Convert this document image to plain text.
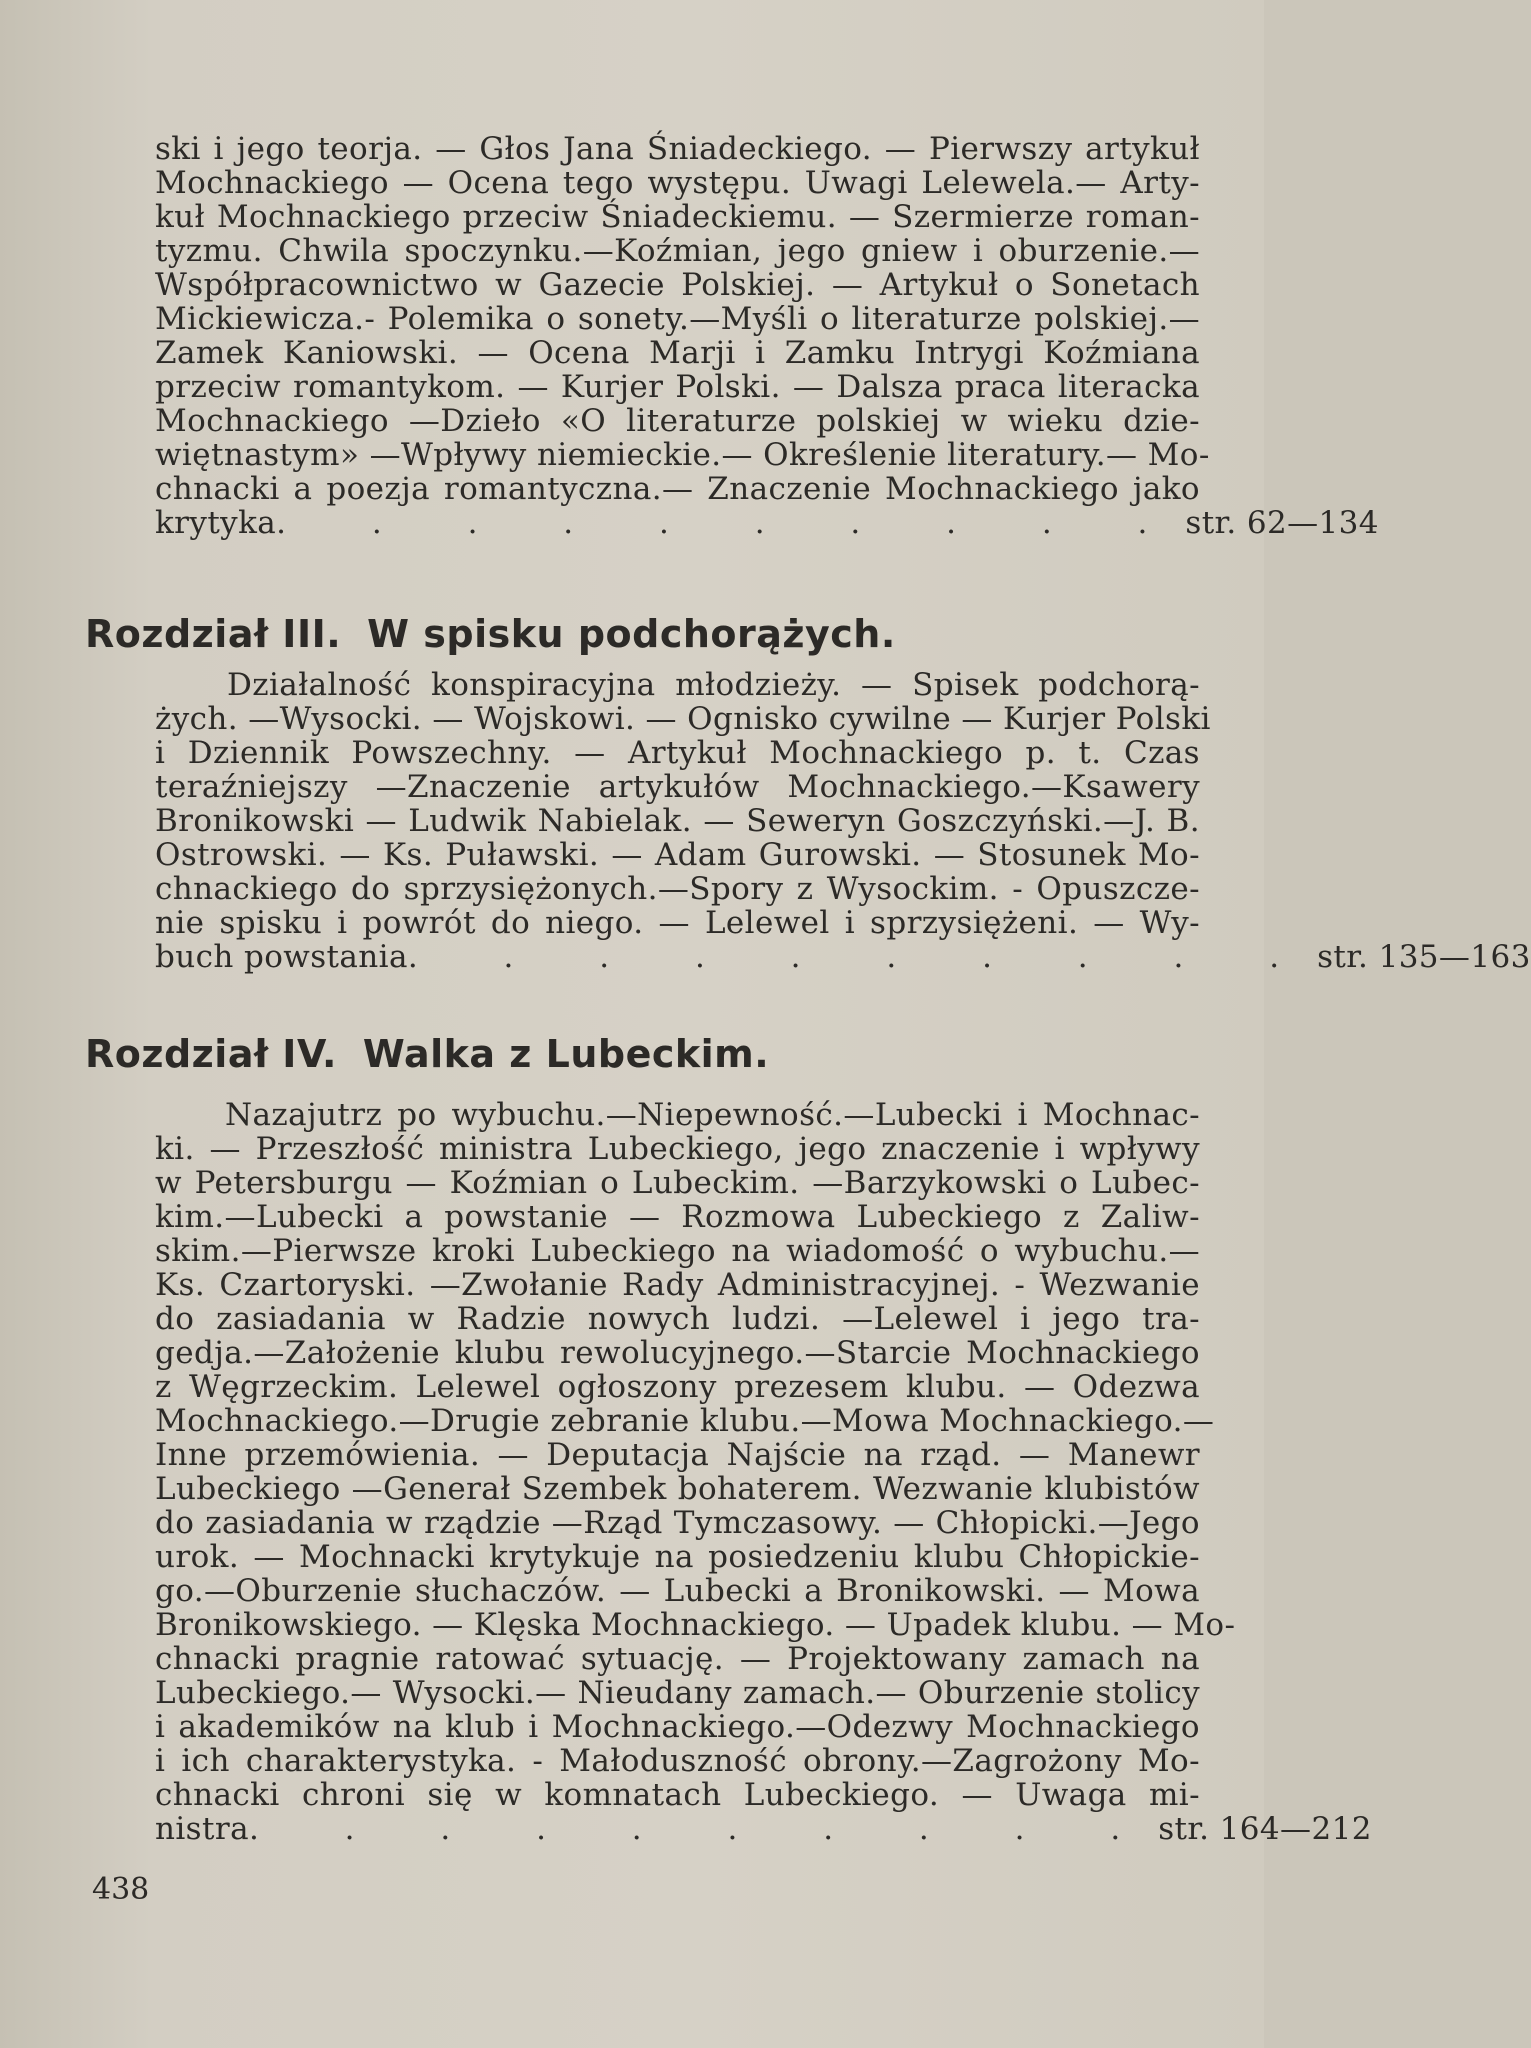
ski i jego teorja. — Głos Jana Śniadeckiego. — Pierwszy artykuł
Mochnackiego — Ocena tego występu. Uwagi Lelewela.— Arty-
kuł Mochnackiego przeciw Śniadeckiemu. — Szermierze roman-
tyzmu. Chwila spoczynku.—Koźmian, jego gniew i oburzenie.—
Współpracownictwo w Gazecie Polskiej. — Artykuł o Sonetach
Mickiewicza.- Polemika o sonety.—Myśli o literaturze polskiej.—
Zamek Kaniowski. — Ocena Marji i Zamku Intrygi Koźmiana
przeciw romantykom. — Kurjer Polski. — Dalsza praca literacka
Mochnackiego —Dzieło «O literaturze polskiej w wieku dzie-
więtnastym» —Wpływy niemieckie.— Określenie literatury.— Mo-
chnacki a poezja romantyczna.— Znaczenie Mochnackiego jako
krytyka . . . . . . . . . . str. 62—134
Rozdział III. W spisku podchorążych.
Działalność konspiracyjna młodzieży. — Spisek podchorą-
żych. —Wysocki. — Wojskowi. — Ognisko cywilne — Kurjer Polski
i Dziennik Powszechny. — Artykuł Mochnackiego p. t. Czas
teraźniejszy —Znaczenie artykułów Mochnackiego.—Ksawery
Bronikowski — Ludwik Nabielak. — Seweryn Goszczyński.—J. B.
Ostrowski. — Ks. Puławski. — Adam Gurowski. — Stosunek Mo-
chnackiego do sprzysiężonych.—Spory z Wysockim. - Opuszcze-
nie spisku i powrót do niego. — Lelewel i sprzysiężeni. — Wy-
buch powstania . . . . . . . . . . str. 135—163
Rozdział IV. Walka z Lubeckim.
Nazajutrz po wybuchu.—Niepewność.—Lubecki i Mochnac-
ki. — Przeszłość ministra Lubeckiego, jego znaczenie i wpływy
w Petersburgu — Koźmian o Lubeckim. —Barzykowski o Lubec-
kim.—Lubecki a powstanie — Rozmowa Lubeckiego z Zaliw-
skim.—Pierwsze kroki Lubeckiego na wiadomość o wybuchu.—
Ks. Czartoryski. —Zwołanie Rady Administracyjnej. - Wezwanie
do zasiadania w Radzie nowych ludzi. —Lelewel i jego tra-
gedja.—Założenie klubu rewolucyjnego.—Starcie Mochnackiego
z Węgrzeckim. Lelewel ogłoszony prezesem klubu. — Odezwa
Mochnackiego.—Drugie zebranie klubu.—Mowa Mochnackiego.—
Inne przemówienia. — Deputacja Najście na rząd. — Manewr
Lubeckiego —Generał Szembek bohaterem. Wezwanie klubistów
do zasiadania w rządzie —Rząd Tymczasowy. — Chłopicki.—Jego
urok. — Mochnacki krytykuje na posiedzeniu klubu Chłopickie-
go.—Oburzenie słuchaczów. — Lubecki a Bronikowski. — Mowa
Bronikowskiego. — Klęska Mochnackiego. — Upadek klubu. — Mo-
chnacki pragnie ratować sytuację. — Projektowany zamach na
Lubeckiego.— Wysocki.— Nieudany zamach.— Oburzenie stolicy
i akademików na klub i Mochnackiego.—Odezwy Mochnackiego
i ich charakterystyka. - Małoduszność obrony.—Zagrożony Mo-
chnacki chroni się w komnatach Lubeckiego. — Uwaga mi-
nistra . . . . . . . . . . str. 164—212
438
